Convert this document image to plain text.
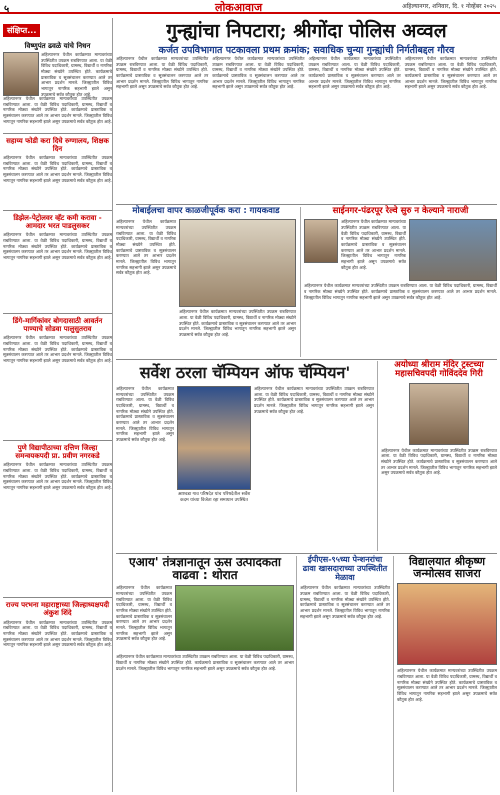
५	लोकआवाज	अहिल्यानगर, शनिवार, दि. १ नोव्हेंबर २०२५
संक्षिप्त...
विष्णुपंत ढवळे यांचे निधन
अहिल्यानगर येथील कार्यक्रमात मान्यवरांच्या उपस्थितीत उपक्रम राबविण्यात आला. या वेळी विविध पदाधिकारी, ग्रामस्थ, विद्यार्थी व नागरिक मोठ्या संख्येने उपस्थित होते. कार्यक्रमाचे प्रास्ताविक व सूत्रसंचालन करण्यात आले तर आभार प्रदर्शन मानले. जिल्ह्यातील विविध भागातून नागरिक सहभागी झाले असून उपक्रमाचे सर्वत्र कौतुक होत आहे.
अहिल्यानगर येथील कार्यक्रमात मान्यवरांच्या उपस्थितीत उपक्रम राबविण्यात आला. या वेळी विविध पदाधिकारी, ग्रामस्थ, विद्यार्थी व नागरिक मोठ्या संख्येने उपस्थित होते. कार्यक्रमाचे प्रास्ताविक व सूत्रसंचालन करण्यात आले तर आभार प्रदर्शन मानले. जिल्ह्यातील विविध भागातून नागरिक सहभागी झाले असून उपक्रमाचे सर्वत्र कौतुक होत आहे.
सहाय्य फोडी करा दिघे रुग्णालय, शिक्षक दिन
अहिल्यानगर येथील कार्यक्रमात मान्यवरांच्या उपस्थितीत उपक्रम राबविण्यात आला. या वेळी विविध पदाधिकारी, ग्रामस्थ, विद्यार्थी व नागरिक मोठ्या संख्येने उपस्थित होते. कार्यक्रमाचे प्रास्ताविक व सूत्रसंचालन करण्यात आले तर आभार प्रदर्शन मानले. जिल्ह्यातील विविध भागातून नागरिक सहभागी झाले असून उपक्रमाचे सर्वत्र कौतुक होत आहे.
डिझेल-पेट्रोलवर व्हॅट कमी करावा - आमदार भरत पाडलुसकर
अहिल्यानगर येथील कार्यक्रमात मान्यवरांच्या उपस्थितीत उपक्रम राबविण्यात आला. या वेळी विविध पदाधिकारी, ग्रामस्थ, विद्यार्थी व नागरिक मोठ्या संख्येने उपस्थित होते. कार्यक्रमाचे प्रास्ताविक व सूत्रसंचालन करण्यात आले तर आभार प्रदर्शन मानले. जिल्ह्यातील विविध भागातून नागरिक सहभागी झाले असून उपक्रमाचे सर्वत्र कौतुक होत आहे.
डिंगे-मार्गिकांवर बोगदासाठी आवर्तन पाण्याचे सोडवा पालुसुतराव
अहिल्यानगर येथील कार्यक्रमात मान्यवरांच्या उपस्थितीत उपक्रम राबविण्यात आला. या वेळी विविध पदाधिकारी, ग्रामस्थ, विद्यार्थी व नागरिक मोठ्या संख्येने उपस्थित होते. कार्यक्रमाचे प्रास्ताविक व सूत्रसंचालन करण्यात आले तर आभार प्रदर्शन मानले. जिल्ह्यातील विविध भागातून नागरिक सहभागी झाले असून उपक्रमाचे सर्वत्र कौतुक होत आहे.
पुणे विद्यापीठाच्या दत्तिण जिल्हा समन्वयकपदी प्रा. प्रवीण नगरकडे
अहिल्यानगर येथील कार्यक्रमात मान्यवरांच्या उपस्थितीत उपक्रम राबविण्यात आला. या वेळी विविध पदाधिकारी, ग्रामस्थ, विद्यार्थी व नागरिक मोठ्या संख्येने उपस्थित होते. कार्यक्रमाचे प्रास्ताविक व सूत्रसंचालन करण्यात आले तर आभार प्रदर्शन मानले. जिल्ह्यातील विविध भागातून नागरिक सहभागी झाले असून उपक्रमाचे सर्वत्र कौतुक होत आहे.
राज्य परभना महाराष्ट्राच्या जिल्हाध्यक्षपदी अंकुश शिंदे
अहिल्यानगर येथील कार्यक्रमात मान्यवरांच्या उपस्थितीत उपक्रम राबविण्यात आला. या वेळी विविध पदाधिकारी, ग्रामस्थ, विद्यार्थी व नागरिक मोठ्या संख्येने उपस्थित होते. कार्यक्रमाचे प्रास्ताविक व सूत्रसंचालन करण्यात आले तर आभार प्रदर्शन मानले. जिल्ह्यातील विविध भागातून नागरिक सहभागी झाले असून उपक्रमाचे सर्वत्र कौतुक होत आहे.
गुन्ह्यांचा निपटारा; श्रीगोंदा पोलिस अव्वल
कर्जत उपविभागात पटकावला प्रथम क्रमांक; सवाधिक चुन्या गुन्ह्यांची निर्गतीबद्दल गौरव
अहिल्यानगर येथील कार्यक्रमात मान्यवरांच्या उपस्थितीत उपक्रम राबविण्यात आला. या वेळी विविध पदाधिकारी, ग्रामस्थ, विद्यार्थी व नागरिक मोठ्या संख्येने उपस्थित होते. कार्यक्रमाचे प्रास्ताविक व सूत्रसंचालन करण्यात आले तर आभार प्रदर्शन मानले. जिल्ह्यातील विविध भागातून नागरिक सहभागी झाले असून उपक्रमाचे सर्वत्र कौतुक होत आहे.
अहिल्यानगर येथील कार्यक्रमात मान्यवरांच्या उपस्थितीत उपक्रम राबविण्यात आला. या वेळी विविध पदाधिकारी, ग्रामस्थ, विद्यार्थी व नागरिक मोठ्या संख्येने उपस्थित होते. कार्यक्रमाचे प्रास्ताविक व सूत्रसंचालन करण्यात आले तर आभार प्रदर्शन मानले. जिल्ह्यातील विविध भागातून नागरिक सहभागी झाले असून उपक्रमाचे सर्वत्र कौतुक होत आहे.
अहिल्यानगर येथील कार्यक्रमात मान्यवरांच्या उपस्थितीत उपक्रम राबविण्यात आला. या वेळी विविध पदाधिकारी, ग्रामस्थ, विद्यार्थी व नागरिक मोठ्या संख्येने उपस्थित होते. कार्यक्रमाचे प्रास्ताविक व सूत्रसंचालन करण्यात आले तर आभार प्रदर्शन मानले. जिल्ह्यातील विविध भागातून नागरिक सहभागी झाले असून उपक्रमाचे सर्वत्र कौतुक होत आहे.
अहिल्यानगर येथील कार्यक्रमात मान्यवरांच्या उपस्थितीत उपक्रम राबविण्यात आला. या वेळी विविध पदाधिकारी, ग्रामस्थ, विद्यार्थी व नागरिक मोठ्या संख्येने उपस्थित होते. कार्यक्रमाचे प्रास्ताविक व सूत्रसंचालन करण्यात आले तर आभार प्रदर्शन मानले. जिल्ह्यातील विविध भागातून नागरिक सहभागी झाले असून उपक्रमाचे सर्वत्र कौतुक होत आहे.
मोबाईलचा वापर काळजीपूर्वक करा : गायकवाड
अहिल्यानगर येथील कार्यक्रमात मान्यवरांच्या उपस्थितीत उपक्रम राबविण्यात आला. या वेळी विविध पदाधिकारी, ग्रामस्थ, विद्यार्थी व नागरिक मोठ्या संख्येने उपस्थित होते. कार्यक्रमाचे प्रास्ताविक व सूत्रसंचालन करण्यात आले तर आभार प्रदर्शन मानले. जिल्ह्यातील विविध भागातून नागरिक सहभागी झाले असून उपक्रमाचे सर्वत्र कौतुक होत आहे.
अहिल्यानगर येथील कार्यक्रमात मान्यवरांच्या उपस्थितीत उपक्रम राबविण्यात आला. या वेळी विविध पदाधिकारी, ग्रामस्थ, विद्यार्थी व नागरिक मोठ्या संख्येने उपस्थित होते. कार्यक्रमाचे प्रास्ताविक व सूत्रसंचालन करण्यात आले तर आभार प्रदर्शन मानले. जिल्ह्यातील विविध भागातून नागरिक सहभागी झाले असून उपक्रमाचे सर्वत्र कौतुक होत आहे.
साईनगर-पंढरपूर रेल्वे सुरु न केल्याने नाराजी
अहिल्यानगर येथील कार्यक्रमात मान्यवरांच्या उपस्थितीत उपक्रम राबविण्यात आला. या वेळी विविध पदाधिकारी, ग्रामस्थ, विद्यार्थी व नागरिक मोठ्या संख्येने उपस्थित होते. कार्यक्रमाचे प्रास्ताविक व सूत्रसंचालन करण्यात आले तर आभार प्रदर्शन मानले. जिल्ह्यातील विविध भागातून नागरिक सहभागी झाले असून उपक्रमाचे सर्वत्र कौतुक होत आहे.
अहिल्यानगर येथील कार्यक्रमात मान्यवरांच्या उपस्थितीत उपक्रम राबविण्यात आला. या वेळी विविध पदाधिकारी, ग्रामस्थ, विद्यार्थी व नागरिक मोठ्या संख्येने उपस्थित होते. कार्यक्रमाचे प्रास्ताविक व सूत्रसंचालन करण्यात आले तर आभार प्रदर्शन मानले. जिल्ह्यातील विविध भागातून नागरिक सहभागी झाले असून उपक्रमाचे सर्वत्र कौतुक होत आहे.
सर्वेश ठरला चॅम्पियन ऑफ चॅम्पियन'
अहिल्यानगर येथील कार्यक्रमात मान्यवरांच्या उपस्थितीत उपक्रम राबविण्यात आला. या वेळी विविध पदाधिकारी, ग्रामस्थ, विद्यार्थी व नागरिक मोठ्या संख्येने उपस्थित होते. कार्यक्रमाचे प्रास्ताविक व सूत्रसंचालन करण्यात आले तर आभार प्रदर्शन मानले. जिल्ह्यातील विविध भागातून नागरिक सहभागी झाले असून उपक्रमाचे सर्वत्र कौतुक होत आहे.
आष्टवडा गाव परिषदेत यांच परिषदेतील सर्वेश कदम यांच्या विजेता रहा समाधान उपस्थित
अहिल्यानगर येथील कार्यक्रमात मान्यवरांच्या उपस्थितीत उपक्रम राबविण्यात आला. या वेळी विविध पदाधिकारी, ग्रामस्थ, विद्यार्थी व नागरिक मोठ्या संख्येने उपस्थित होते. कार्यक्रमाचे प्रास्ताविक व सूत्रसंचालन करण्यात आले तर आभार प्रदर्शन मानले. जिल्ह्यातील विविध भागातून नागरिक सहभागी झाले असून उपक्रमाचे सर्वत्र कौतुक होत आहे.
अयोध्या श्रीराम मंदिर ट्रस्टच्या महासचिवपदी गोविंददेव गिरी
अहिल्यानगर येथील कार्यक्रमात मान्यवरांच्या उपस्थितीत उपक्रम राबविण्यात आला. या वेळी विविध पदाधिकारी, ग्रामस्थ, विद्यार्थी व नागरिक मोठ्या संख्येने उपस्थित होते. कार्यक्रमाचे प्रास्ताविक व सूत्रसंचालन करण्यात आले तर आभार प्रदर्शन मानले. जिल्ह्यातील विविध भागातून नागरिक सहभागी झाले असून उपक्रमाचे सर्वत्र कौतुक होत आहे.
एआय' तंत्रज्ञानातून ऊस उत्पादकता वाढवा : थोरात
अहिल्यानगर येथील कार्यक्रमात मान्यवरांच्या उपस्थितीत उपक्रम राबविण्यात आला. या वेळी विविध पदाधिकारी, ग्रामस्थ, विद्यार्थी व नागरिक मोठ्या संख्येने उपस्थित होते. कार्यक्रमाचे प्रास्ताविक व सूत्रसंचालन करण्यात आले तर आभार प्रदर्शन मानले. जिल्ह्यातील विविध भागातून नागरिक सहभागी झाले असून उपक्रमाचे सर्वत्र कौतुक होत आहे.
अहिल्यानगर येथील कार्यक्रमात मान्यवरांच्या उपस्थितीत उपक्रम राबविण्यात आला. या वेळी विविध पदाधिकारी, ग्रामस्थ, विद्यार्थी व नागरिक मोठ्या संख्येने उपस्थित होते. कार्यक्रमाचे प्रास्ताविक व सूत्रसंचालन करण्यात आले तर आभार प्रदर्शन मानले. जिल्ह्यातील विविध भागातून नागरिक सहभागी झाले असून उपक्रमाचे सर्वत्र कौतुक होत आहे.
ईपीएस-९५च्या पेन्शनरांचा ढावा खासदाराच्या उपस्थितीत मेळावा
अहिल्यानगर येथील कार्यक्रमात मान्यवरांच्या उपस्थितीत उपक्रम राबविण्यात आला. या वेळी विविध पदाधिकारी, ग्रामस्थ, विद्यार्थी व नागरिक मोठ्या संख्येने उपस्थित होते. कार्यक्रमाचे प्रास्ताविक व सूत्रसंचालन करण्यात आले तर आभार प्रदर्शन मानले. जिल्ह्यातील विविध भागातून नागरिक सहभागी झाले असून उपक्रमाचे सर्वत्र कौतुक होत आहे.
विद्यालयात श्रीकृष्ण जन्मोत्सव साजरा
अहिल्यानगर येथील कार्यक्रमात मान्यवरांच्या उपस्थितीत उपक्रम राबविण्यात आला. या वेळी विविध पदाधिकारी, ग्रामस्थ, विद्यार्थी व नागरिक मोठ्या संख्येने उपस्थित होते. कार्यक्रमाचे प्रास्ताविक व सूत्रसंचालन करण्यात आले तर आभार प्रदर्शन मानले. जिल्ह्यातील विविध भागातून नागरिक सहभागी झाले असून उपक्रमाचे सर्वत्र कौतुक होत आहे.
